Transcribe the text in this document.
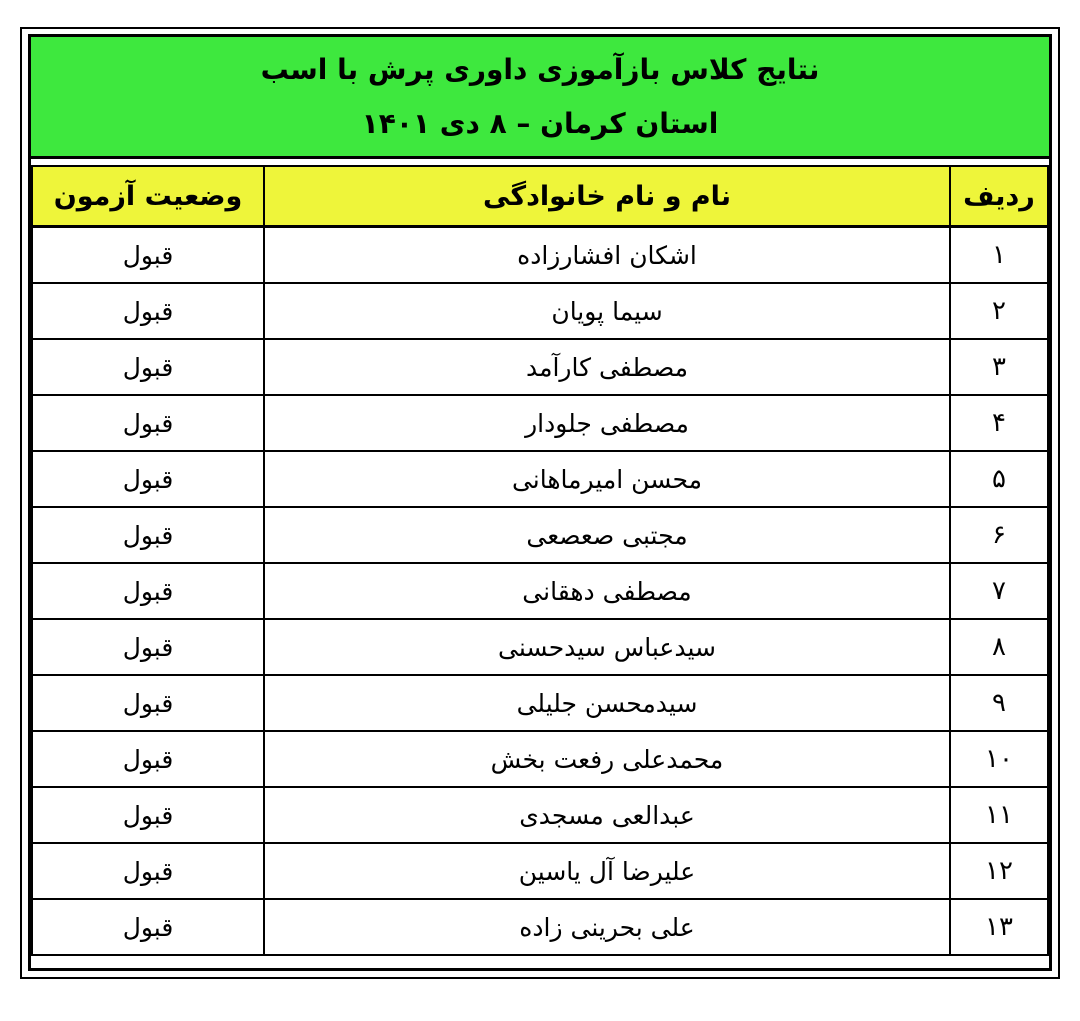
نتایج کلاس بازآموزی داوری پرش با اسب
استان کرمان – ۸ دی ۱۴۰۱
ردیف	نام و نام خانوادگی	وضعیت آزمون
۱	اشکان افشارزاده	قبول
۲	سیما پویان	قبول
۳	مصطفی کارآمد	قبول
۴	مصطفی جلودار	قبول
۵	محسن امیرماهانی	قبول
۶	مجتبی صعصعی	قبول
۷	مصطفی دهقانی	قبول
۸	سیدعباس سیدحسنی	قبول
۹	سیدمحسن جلیلی	قبول
۱۰	محمدعلی رفعت بخش	قبول
۱۱	عبدالعی مسجدی	قبول
۱۲	علیرضا آل یاسین	قبول
۱۳	علی بحرینی زاده	قبول
